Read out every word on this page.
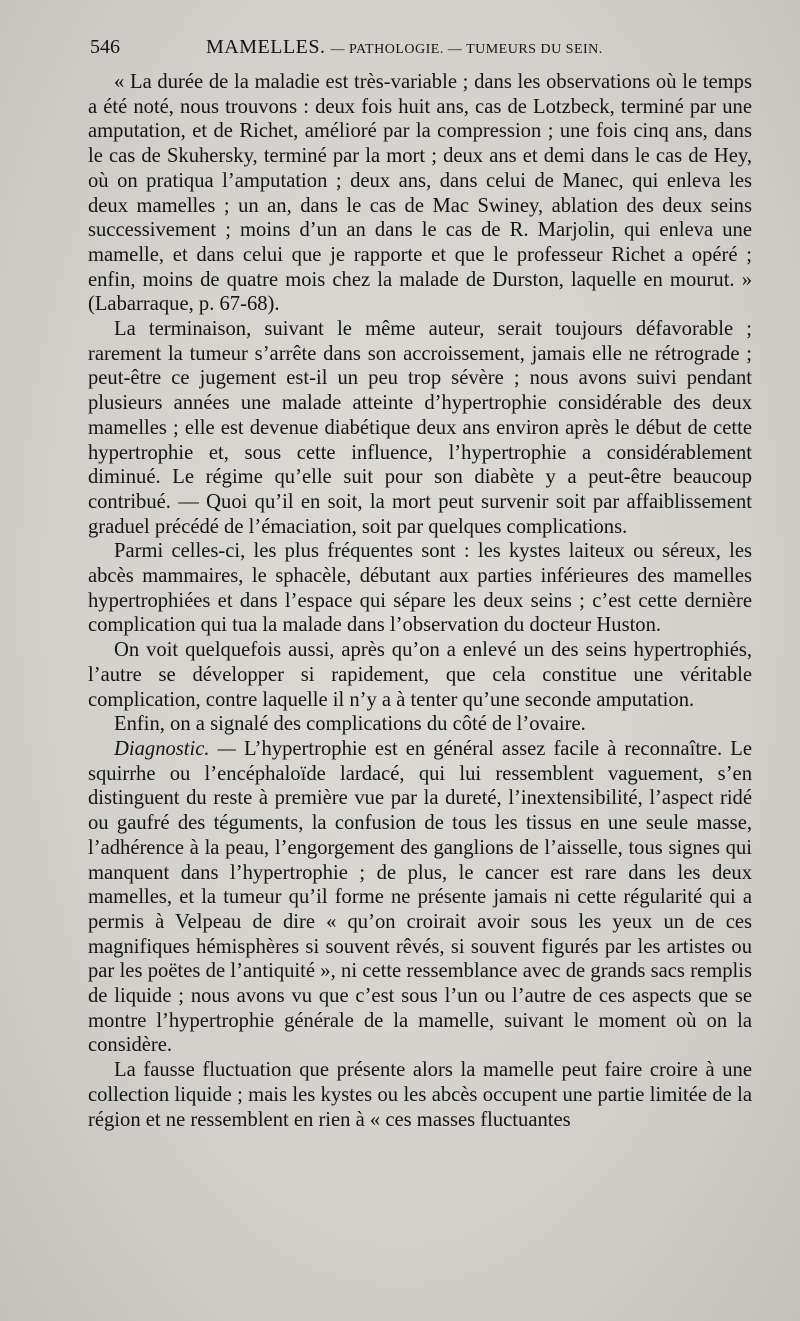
546	MAMELLES. — PATHOLOGIE. — TUMEURS DU SEIN.

« La durée de la maladie est très-variable ; dans les observations où le temps a été noté, nous trouvons : deux fois huit ans, cas de Lotzbeck, terminé par une amputation, et de Richet, amélioré par la compression ; une fois cinq ans, dans le cas de Skuhersky, terminé par la mort ; deux ans et demi dans le cas de Hey, où on pratiqua l’amputation ; deux ans, dans celui de Manec, qui enleva les deux mamelles ; un an, dans le cas de Mac Swiney, ablation des deux seins successivement ; moins d’un an dans le cas de R. Marjolin, qui enleva une mamelle, et dans celui que je rapporte et que le professeur Richet a opéré ; enfin, moins de quatre mois chez la malade de Durston, laquelle en mourut. » (Labarraque, p. 67-68).

La terminaison, suivant le même auteur, serait toujours défavorable ; rarement la tumeur s’arrête dans son accroissement, jamais elle ne rétrograde ; peut-être ce jugement est-il un peu trop sévère ; nous avons suivi pendant plusieurs années une malade atteinte d’hypertrophie considérable des deux mamelles ; elle est devenue diabétique deux ans environ après le début de cette hypertrophie et, sous cette influence, l’hypertrophie a considérablement diminué. Le régime qu’elle suit pour son diabète y a peut-être beaucoup contribué. — Quoi qu’il en soit, la mort peut survenir soit par affaiblissement graduel précédé de l’émaciation, soit par quelques complications.

Parmi celles-ci, les plus fréquentes sont : les kystes laiteux ou séreux, les abcès mammaires, le sphacèle, débutant aux parties inférieures des mamelles hypertrophiées et dans l’espace qui sépare les deux seins ; c’est cette dernière complication qui tua la malade dans l’observation du docteur Huston.

On voit quelquefois aussi, après qu’on a enlevé un des seins hypertrophiés, l’autre se développer si rapidement, que cela constitue une véritable complication, contre laquelle il n’y a à tenter qu’une seconde amputation.

Enfin, on a signalé des complications du côté de l’ovaire.

Diagnostic. — L’hypertrophie est en général assez facile à reconnaître. Le squirrhe ou l’encéphaloïde lardacé, qui lui ressemblent vaguement, s’en distinguent du reste à première vue par la dureté, l’inextensibilité, l’aspect ridé ou gaufré des téguments, la confusion de tous les tissus en une seule masse, l’adhérence à la peau, l’engorgement des ganglions de l’aisselle, tous signes qui manquent dans l’hypertrophie ; de plus, le cancer est rare dans les deux mamelles, et la tumeur qu’il forme ne présente jamais ni cette régularité qui a permis à Velpeau de dire « qu’on croirait avoir sous les yeux un de ces magnifiques hémisphères si souvent rêvés, si souvent figurés par les artistes ou par les poëtes de l’antiquité », ni cette ressemblance avec de grands sacs remplis de liquide ; nous avons vu que c’est sous l’un ou l’autre de ces aspects que se montre l’hypertrophie générale de la mamelle, suivant le moment où on la considère.

La fausse fluctuation que présente alors la mamelle peut faire croire à une collection liquide ; mais les kystes ou les abcès occupent une partie limitée de la région et ne ressemblent en rien à « ces masses fluctuantes
